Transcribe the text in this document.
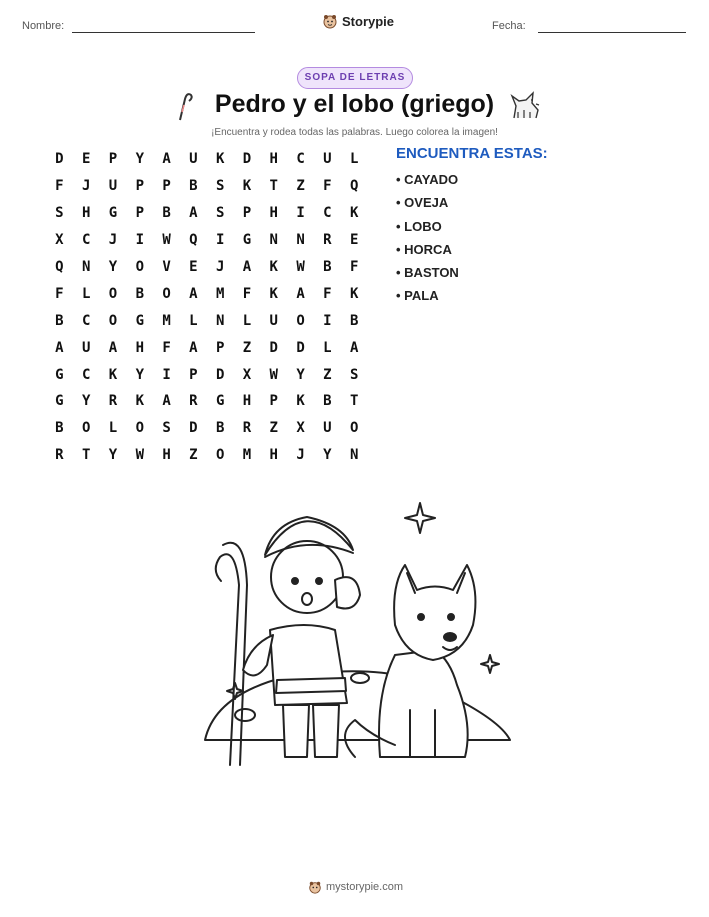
Nombre:	Storypie	Fecha:
SOPA DE LETRAS
Pedro y el lobo (griego)
¡Encuentra y rodea todas las palabras. Luego colorea la imagen!
D	E	P	Y	A	U	K	D	H	C	U	L
F	J	U	P	P	B	S	K	T	Z	F	Q
S	H	G	P	B	A	S	P	H	I	C	K
X	C	J	I	W	Q	I	G	N	N	R	E
Q	N	Y	O	V	E	J	A	K	W	B	F
F	L	O	B	O	A	M	F	K	A	F	K
B	C	O	G	M	L	N	L	U	O	I	B
A	U	A	H	F	A	P	Z	D	D	L	A
G	C	K	Y	I	P	D	X	W	Y	Z	S
G	Y	R	K	A	R	G	H	P	K	B	T
B	O	L	O	S	D	B	R	Z	X	U	O
R	T	Y	W	H	Z	O	M	H	J	Y	N
ENCUENTRA ESTAS:
• CAYADO
• OVEJA
• LOBO
• HORCA
• BASTON
• PALA
mystorypie.com
